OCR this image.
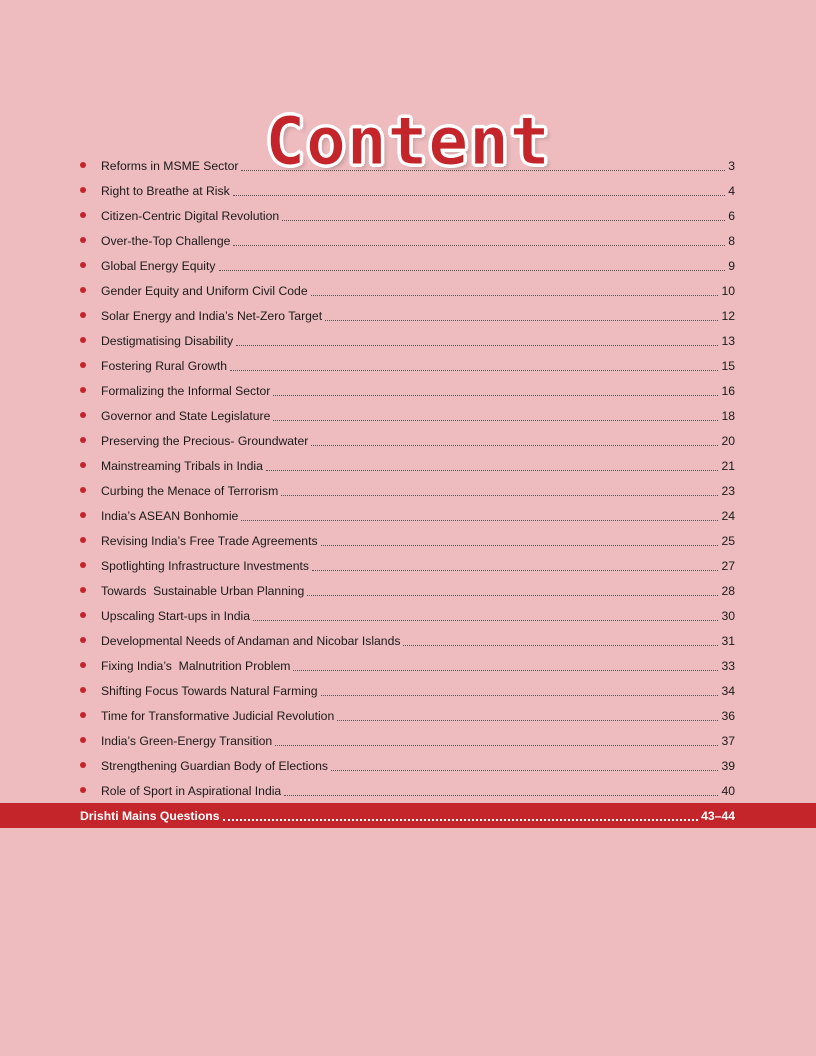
Content
Reforms in MSME Sector	3
Right to Breathe at Risk	4
Citizen-Centric Digital Revolution	6
Over-the-Top Challenge	8
Global Energy Equity	9
Gender Equity and Uniform Civil Code	10
Solar Energy and India’s Net-Zero Target	12
Destigmatising Disability	13
Fostering Rural Growth	15
Formalizing the Informal Sector	16
Governor and State Legislature	18
Preserving the Precious- Groundwater	20
Mainstreaming Tribals in India	21
Curbing the Menace of Terrorism	23
India’s ASEAN Bonhomie	24
Revising India’s Free Trade Agreements	25
Spotlighting Infrastructure Investments	27
Towards  Sustainable Urban Planning	28
Upscaling Start-ups in India	30
Developmental Needs of Andaman and Nicobar Islands	31
Fixing India’s  Malnutrition Problem	33
Shifting Focus Towards Natural Farming	34
Time for Transformative Judicial Revolution	36
India’s Green-Energy Transition	37
Strengthening Guardian Body of Elections	39
Role of Sport in Aspirational India	40
Drishti Mains Questions	43–44
